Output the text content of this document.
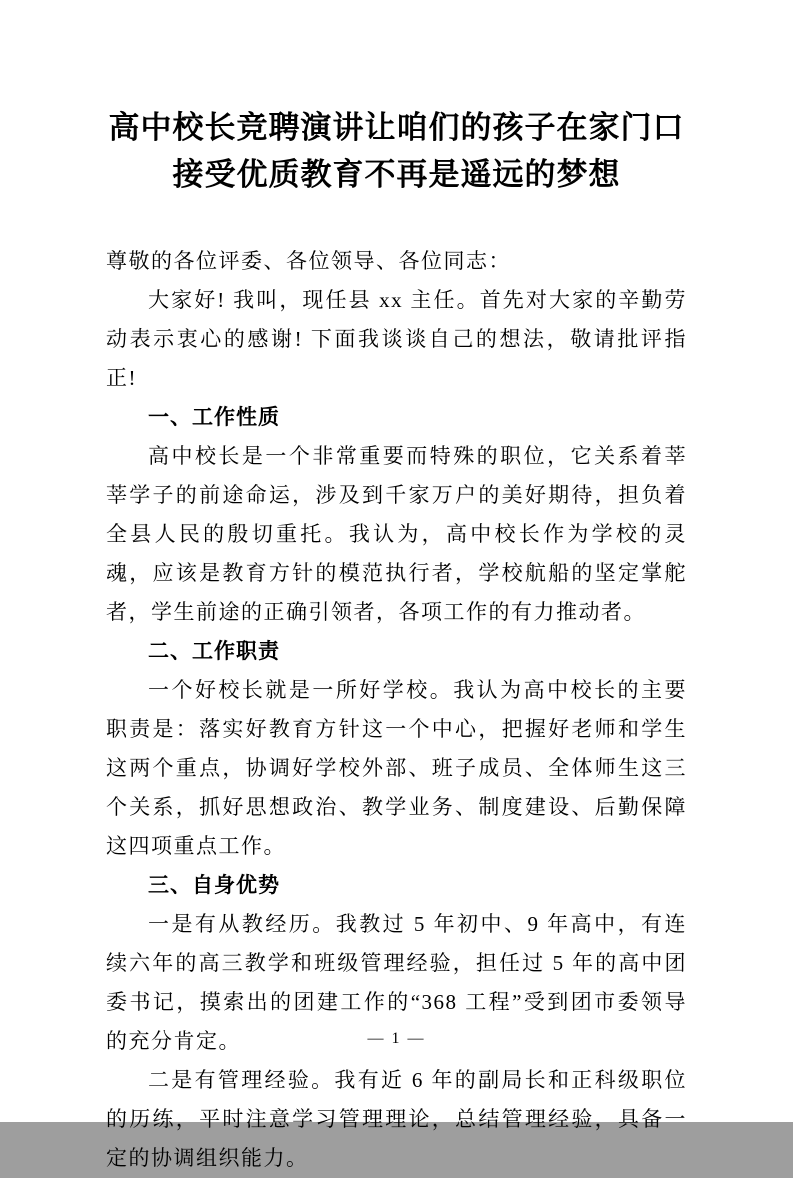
高中校长竞聘演讲让咱们的孩子在家门口
接受优质教育不再是遥远的梦想

尊敬的各位评委、各位领导、各位同志：

大家好! 我叫，现任县 xx 主任。首先对大家的辛勤劳动表示衷心的感谢! 下面我谈谈自己的想法，敬请批评指正!

一、工作性质

高中校长是一个非常重要而特殊的职位，它关系着莘莘学子的前途命运，涉及到千家万户的美好期待，担负着全县人民的殷切重托。我认为，高中校长作为学校的灵魂，应该是教育方针的模范执行者，学校航船的坚定掌舵者，学生前途的正确引领者，各项工作的有力推动者。

二、工作职责

一个好校长就是一所好学校。我认为高中校长的主要职责是：落实好教育方针这一个中心，把握好老师和学生这两个重点，协调好学校外部、班子成员、全体师生这三个关系，抓好思想政治、教学业务、制度建设、后勤保障这四项重点工作。

三、自身优势

一是有从教经历。我教过 5 年初中、9 年高中，有连续六年的高三教学和班级管理经验，担任过 5 年的高中团委书记，摸索出的团建工作的“368 工程”受到团市委领导的充分肯定。

二是有管理经验。我有近 6 年的副局长和正科级职位的历练，平时注意学习管理理论，总结管理经验，具备一定的协调组织能力。

— 1 —
